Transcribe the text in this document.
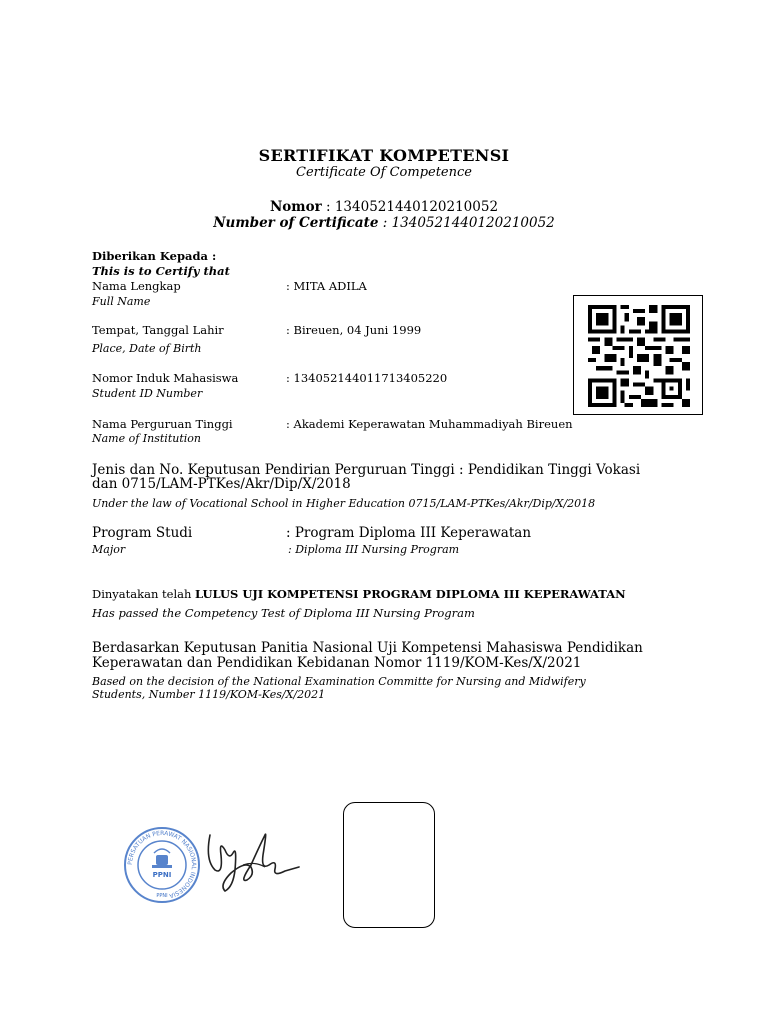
SERTIFIKAT KOMPETENSI
Certificate Of Competence
Nomor : 1340521440120210052
Number of Certificate : 1340521440120210052
Diberikan Kepada :
This is to Certify that
Nama Lengkap
Full Name
: MITA ADILA
Tempat, Tanggal Lahir
Place, Date of Birth
: Bireuen, 04 Juni 1999
Nomor Induk Mahasiswa
Student ID Number
: 134052144011713405220
Nama Perguruan Tinggi
Name of Institution
: Akademi Keperawatan Muhammadiyah Bireuen
Jenis dan No. Keputusan Pendirian Perguruan Tinggi : Pendidikan Tinggi Vokasi
dan 0715/LAM-PTKes/Akr/Dip/X/2018
Under the law of Vocational School in Higher Education 0715/LAM-PTKes/Akr/Dip/X/2018
Program Studi	: Program Diploma III Keperawatan
Major	: Diploma III Nursing Program
Dinyatakan telah LULUS UJI KOMPETENSI PROGRAM DIPLOMA III KEPERAWATAN
Has passed the Competency Test of Diploma III Nursing Program
Berdasarkan Keputusan Panitia Nasional Uji Kompetensi Mahasiswa Pendidikan
Keperawatan dan Pendidikan Kebidanan Nomor 1119/KOM-Kes/X/2021
Based on the decision of the National Examination Committe for Nursing and Midwifery
Students, Number 1119/KOM-Kes/X/2021
PERSATUAN PERAWAT NASIONAL INDONESIA
PPNI
PPNI
